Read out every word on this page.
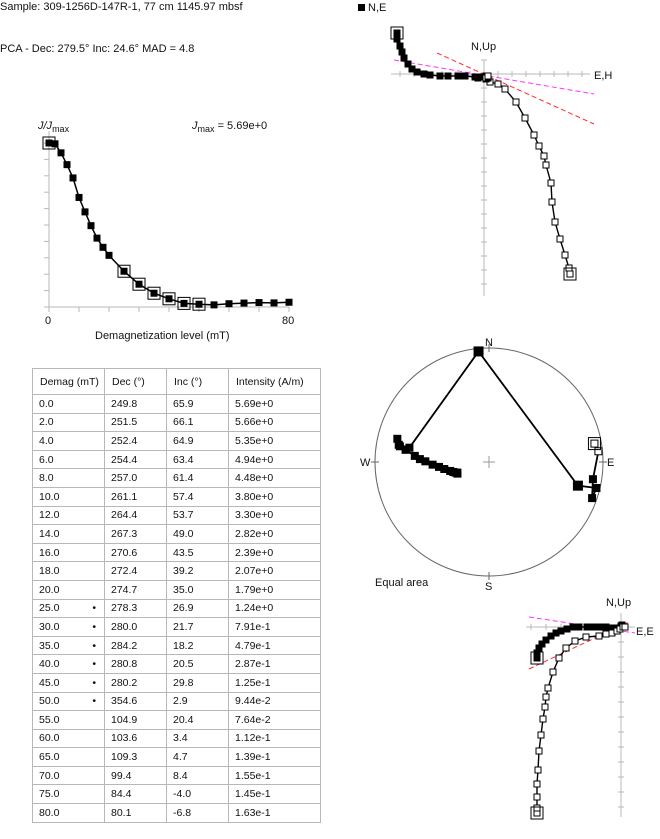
Sample: 309-1256D-147R-1, 77 cm 1145.97 mbsf
PCA - Dec: 279.5° Inc: 24.6° MAD = 4.8
N,E
$J/J_{max}$	$J_{max} = 5.69e+0$
0	80
Demagnetization level (mT)
N,Up
E,H
N
S
E
W
Equal area
N,Up
E,E
Demag (mT)	Dec (°)	Inc (°)	Intensity (A/m)
0.0	249.8	65.9	5.69e+0
2.0	251.5	66.1	5.66e+0
4.0	252.4	64.9	5.35e+0
6.0	254.4	63.4	4.94e+0
8.0	257.0	61.4	4.48e+0
10.0	261.1	57.4	3.80e+0
12.0	264.4	53.7	3.30e+0
14.0	267.3	49.0	2.82e+0
16.0	270.6	43.5	2.39e+0
18.0	272.4	39.2	2.07e+0
20.0	274.7	35.0	1.79e+0
25.0 •	278.3	26.9	1.24e+0
30.0 •	280.0	21.7	7.91e-1
35.0 •	284.2	18.2	4.79e-1
40.0 •	280.8	20.5	2.87e-1
45.0 •	280.2	29.8	1.25e-1
50.0 •	354.6	2.9	9.44e-2
55.0	104.9	20.4	7.64e-2
60.0	103.6	3.4	1.12e-1
65.0	109.3	4.7	1.39e-1
70.0	99.4	8.4	1.55e-1
75.0	84.4	-4.0	1.45e-1
80.0	80.1	-6.8	1.63e-1
